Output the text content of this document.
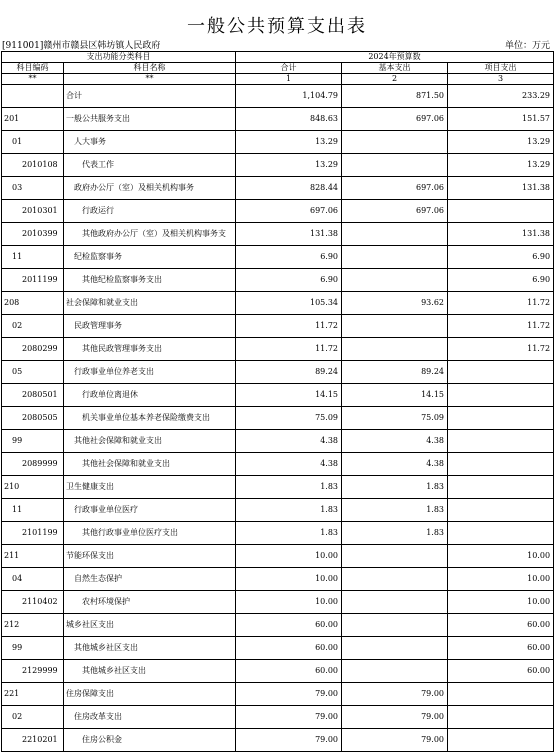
一般公共预算支出表
[911001]赣州市赣县区韩坊镇人民政府	单位：万元
支出功能分类科目		2024年预算数		
科目编码	科目名称	合计	基本支出	项目支出
**	**	1	2	3
	合计	1,104.79	871.50	233.29
201	一般公共服务支出	848.63	697.06	151.57
01	人大事务	13.29		13.29
2010108	代表工作	13.29		13.29
03	政府办公厅（室）及相关机构事务	828.44	697.06	131.38
2010301	行政运行	697.06	697.06	
2010399	其他政府办公厅（室）及相关机构事务支	131.38		131.38
11	纪检监察事务	6.90		6.90
2011199	其他纪检监察事务支出	6.90		6.90
208	社会保障和就业支出	105.34	93.62	11.72
02	民政管理事务	11.72		11.72
2080299	其他民政管理事务支出	11.72		11.72
05	行政事业单位养老支出	89.24	89.24	
2080501	行政单位离退休	14.15	14.15	
2080505	机关事业单位基本养老保险缴费支出	75.09	75.09	
99	其他社会保障和就业支出	4.38	4.38	
2089999	其他社会保障和就业支出	4.38	4.38	
210	卫生健康支出	1.83	1.83	
11	行政事业单位医疗	1.83	1.83	
2101199	其他行政事业单位医疗支出	1.83	1.83	
211	节能环保支出	10.00		10.00
04	自然生态保护	10.00		10.00
2110402	农村环境保护	10.00		10.00
212	城乡社区支出	60.00		60.00
99	其他城乡社区支出	60.00		60.00
2129999	其他城乡社区支出	60.00		60.00
221	住房保障支出	79.00	79.00	
02	住房改革支出	79.00	79.00	
2210201	住房公积金	79.00	79.00	
